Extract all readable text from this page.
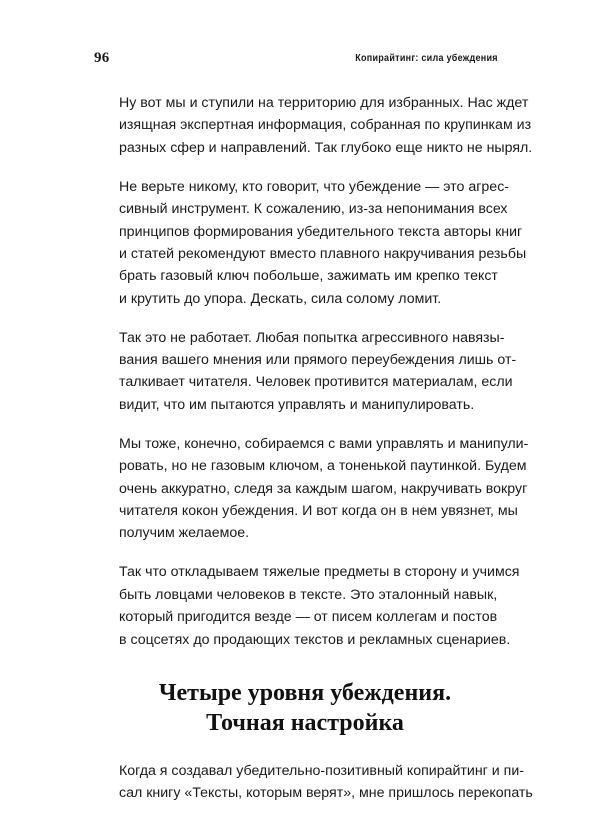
96	Копирайтинг: сила убеждения

Ну вот мы и ступили на территорию для избранных. Нас ждет
изящная экспертная информация, собранная по крупинкам из
разных сфер и направлений. Так глубоко еще никто не нырял.

Не верьте никому, кто говорит, что убеждение — это агрес-
сивный инструмент. К сожалению, из-за непонимания всех
принципов формирования убедительного текста авторы книг
и статей рекомендуют вместо плавного накручивания резьбы
брать газовый ключ побольше, зажимать им крепко текст
и крутить до упора. Дескать, сила солому ломит.

Так это не работает. Любая попытка агрессивного навязы-
вания вашего мнения или прямого переубеждения лишь от-
талкивает читателя. Человек противится материалам, если
видит, что им пытаются управлять и манипулировать.

Мы тоже, конечно, собираемся с вами управлять и манипули-
ровать, но не газовым ключом, а тоненькой паутинкой. Будем
очень аккуратно, следя за каждым шагом, накручивать вокруг
читателя кокон убеждения. И вот когда он в нем увязнет, мы
получим желаемое.

Так что откладываем тяжелые предметы в сторону и учимся
быть ловцами человеков в тексте. Это эталонный навык,
который пригодится везде — от писем коллегам и постов
в соцсетях до продающих текстов и рекламных сценариев.

Четыре уровня убеждения.
Точная настройка

Когда я создавал убедительно-позитивный копирайтинг и пи-
сал книгу «Тексты, которым верят», мне пришлось перекопать
